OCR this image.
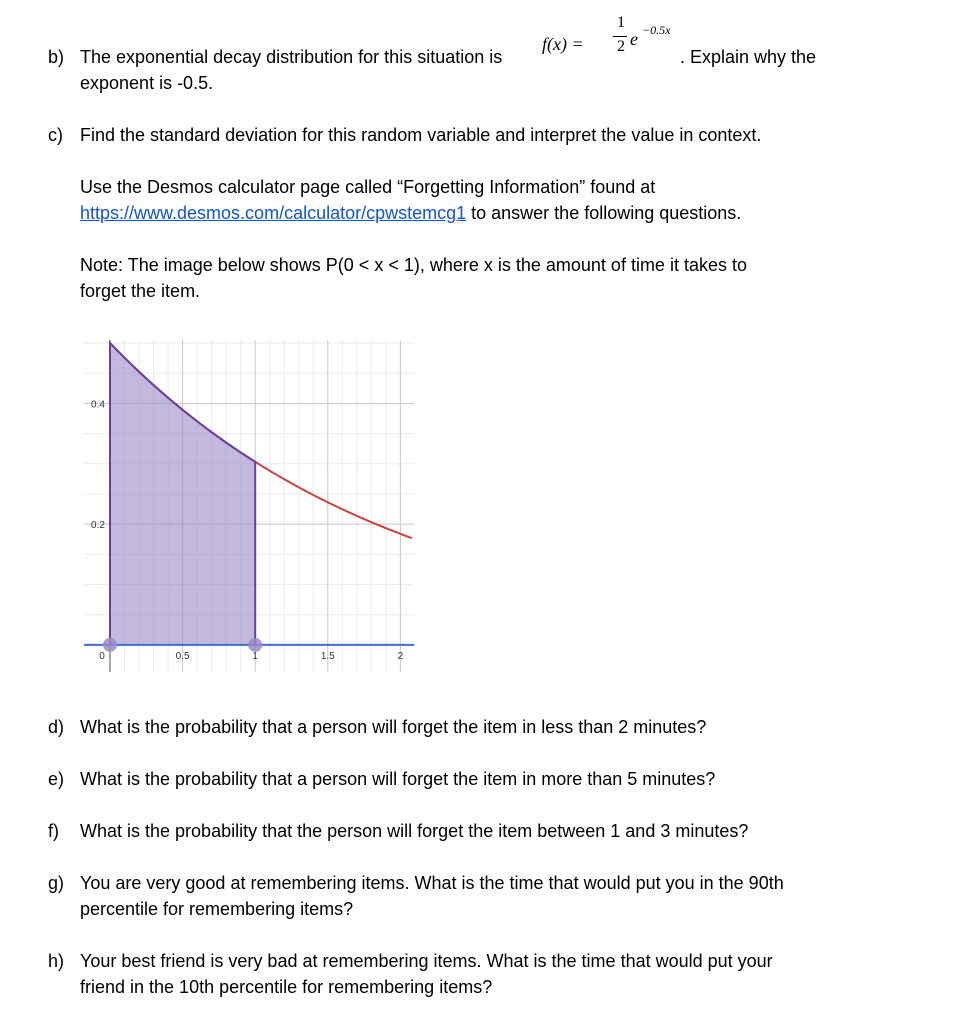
b) The exponential decay distribution for this situation is
f(x) =
1
2 e −0.5x
. Explain why the
exponent is -0.5.
c) Find the standard deviation for this random variable and interpret the value in context.
Use the Desmos calculator page called “Forgetting Information” found at
https://www.desmos.com/calculator/cpwstemcg1 to answer the following questions.
Note: The image below shows P(0 < x < 1), where x is the amount of time it takes to
forget the item.
0	0.5	1	1.5	2
0.2
0.4
d) What is the probability that a person will forget the item in less than 2 minutes?
e) What is the probability that a person will forget the item in more than 5 minutes?
f) What is the probability that the person will forget the item between 1 and 3 minutes?
g) You are very good at remembering items. What is the time that would put you in the 90th
percentile for remembering items?
h) Your best friend is very bad at remembering items. What is the time that would put your
friend in the 10th percentile for remembering items?
